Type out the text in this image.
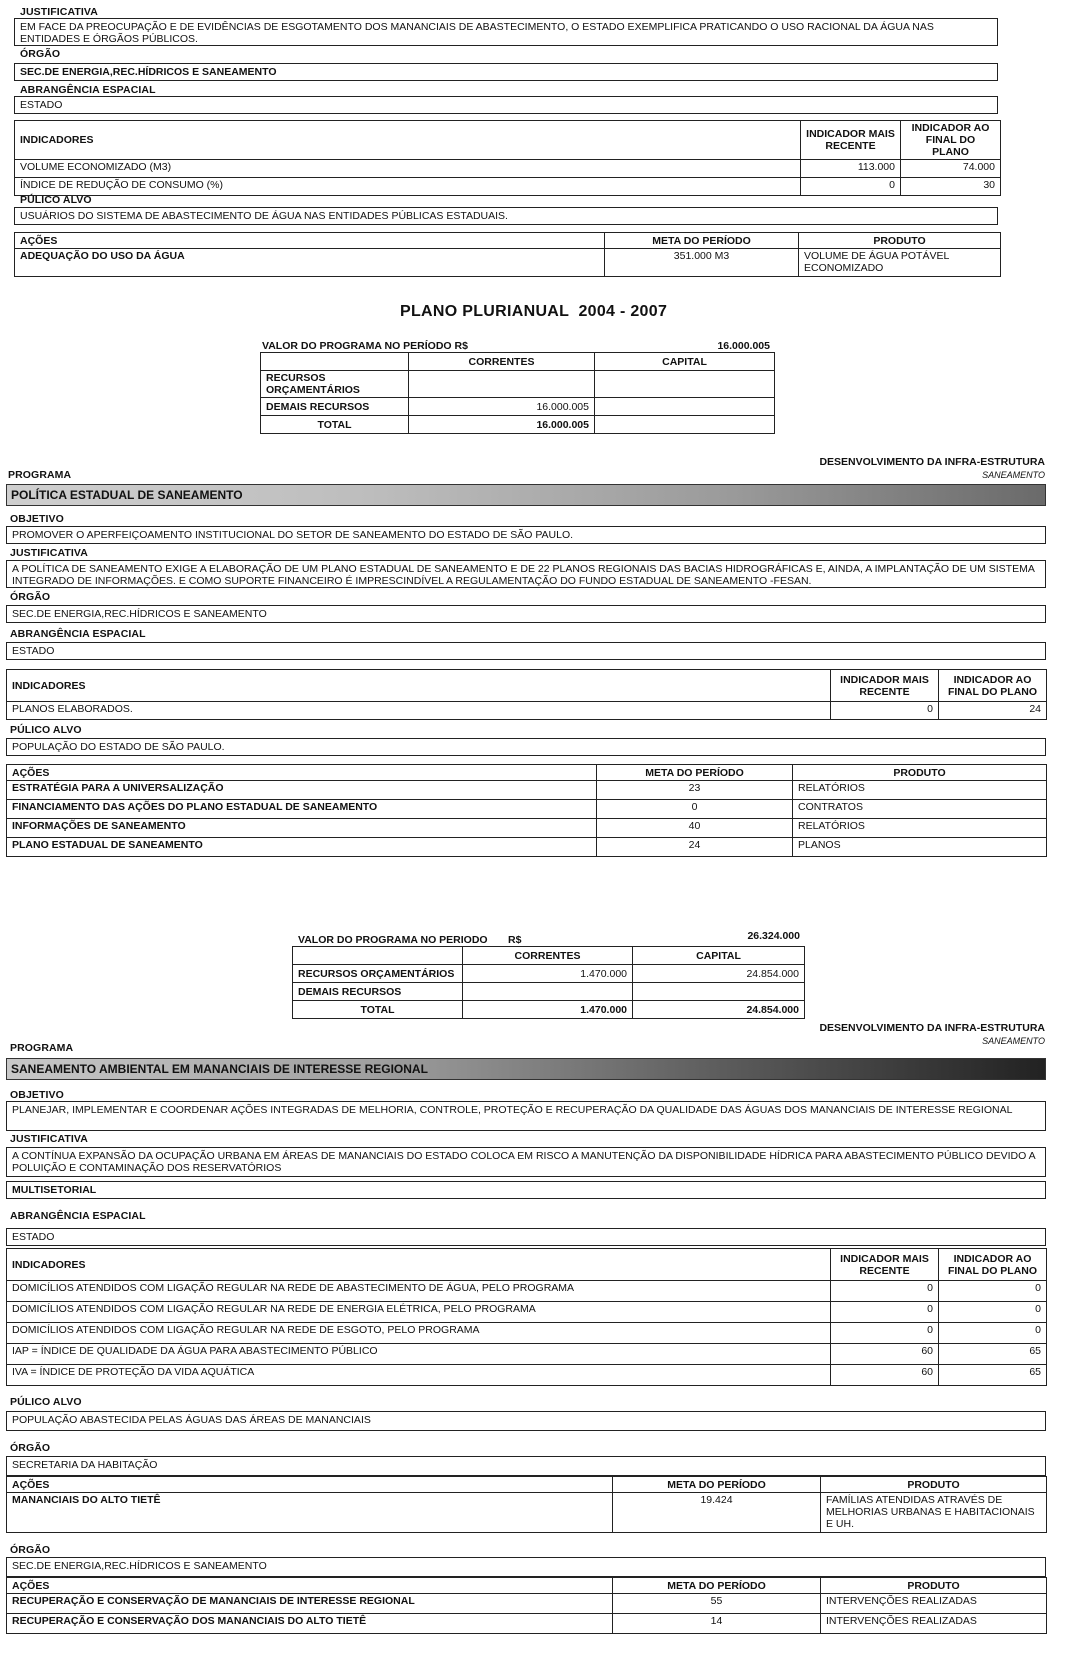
JUSTIFICATIVA
EM FACE DA PREOCUPAÇÃO E DE EVIDÊNCIAS DE ESGOTAMENTO DOS MANANCIAIS DE ABASTECIMENTO, O ESTADO EXEMPLIFICA PRATICANDO O USO RACIONAL DA ÁGUA NAS ENTIDADES E ÓRGÃOS PÚBLICOS.
ÓRGÃO
SEC.DE ENERGIA,REC.HÍDRICOS E SANEAMENTO
ABRANGÊNCIA ESPACIAL
ESTADO
INDICADORES	INDICADOR MAIS RECENTE	INDICADOR AO FINAL DO PLANO
VOLUME ECONOMIZADO (M3)	113.000	74.000
ÍNDICE DE REDUÇÃO DE CONSUMO (%)	0	30
PÚLICO ALVO
USUÁRIOS DO SISTEMA DE ABASTECIMENTO DE ÁGUA NAS ENTIDADES PÚBLICAS ESTADUAIS.
AÇÕES	META DO PERÍODO	PRODUTO
ADEQUAÇÃO DO USO DA ÁGUA	351.000 M3	VOLUME DE ÁGUA POTÁVEL ECONOMIZADO
PLANO PLURIANUAL  2004 - 2007
VALOR DO PROGRAMA NO PERÍODO R$	16.000.005
	CORRENTES	CAPITAL
RECURSOS ORÇAMENTÁRIOS		
DEMAIS RECURSOS	16.000.005	
TOTAL	16.000.005	
DESENVOLVIMENTO DA INFRA-ESTRUTURA
SANEAMENTO
PROGRAMA
POLÍTICA ESTADUAL DE SANEAMENTO
OBJETIVO
PROMOVER O APERFEIÇOAMENTO INSTITUCIONAL DO SETOR DE SANEAMENTO DO ESTADO DE SÃO PAULO.
JUSTIFICATIVA
A POLÍTICA DE SANEAMENTO EXIGE A ELABORAÇÃO DE UM PLANO ESTADUAL DE SANEAMENTO E DE 22 PLANOS REGIONAIS DAS BACIAS HIDROGRÁFICAS E, AINDA, A IMPLANTAÇÃO DE UM SISTEMA INTEGRADO DE INFORMAÇÕES. E COMO SUPORTE FINANCEIRO É IMPRESCINDÍVEL A REGULAMENTAÇÃO DO FUNDO ESTADUAL DE SANEAMENTO -FESAN.
ÓRGÃO
SEC.DE ENERGIA,REC.HÍDRICOS E SANEAMENTO
ABRANGÊNCIA ESPACIAL
ESTADO
INDICADORES	INDICADOR MAIS RECENTE	INDICADOR AO FINAL DO PLANO
PLANOS ELABORADOS.	0	24
PÚLICO ALVO
POPULAÇÃO DO ESTADO DE SÃO PAULO.
AÇÕES	META DO PERÍODO	PRODUTO
ESTRATÉGIA PARA A UNIVERSALIZAÇÃO	23	RELATÓRIOS
FINANCIAMENTO DAS AÇÕES DO PLANO ESTADUAL DE SANEAMENTO	0	CONTRATOS
INFORMAÇÕES DE SANEAMENTO	40	RELATÓRIOS
PLANO ESTADUAL DE SANEAMENTO	24	PLANOS
VALOR DO PROGRAMA NO PERIODO R$	26.324.000
	CORRENTES	CAPITAL
RECURSOS ORÇAMENTÁRIOS	1.470.000	24.854.000
DEMAIS RECURSOS		
TOTAL	1.470.000	24.854.000
DESENVOLVIMENTO DA INFRA-ESTRUTURA
SANEAMENTO
PROGRAMA
SANEAMENTO AMBIENTAL EM MANANCIAIS DE INTERESSE REGIONAL
OBJETIVO
PLANEJAR, IMPLEMENTAR E COORDENAR AÇÕES INTEGRADAS DE MELHORIA, CONTROLE, PROTEÇÃO E RECUPERAÇÃO DA QUALIDADE DAS ÁGUAS DOS MANANCIAIS DE INTERESSE REGIONAL
JUSTIFICATIVA
A CONTÍNUA EXPANSÃO DA OCUPAÇÃO URBANA EM ÁREAS DE MANANCIAIS DO ESTADO COLOCA EM RISCO A MANUTENÇÃO DA DISPONIBILIDADE HÍDRICA PARA ABASTECIMENTO PÚBLICO DEVIDO A POLUIÇÃO E CONTAMINAÇÃO DOS RESERVATÓRIOS
MULTISETORIAL
ABRANGÊNCIA ESPACIAL
ESTADO
INDICADORES	INDICADOR MAIS RECENTE	INDICADOR AO FINAL DO PLANO
DOMICÍLIOS ATENDIDOS COM LIGAÇÃO REGULAR NA REDE DE ABASTECIMENTO DE ÁGUA, PELO PROGRAMA	0	0
DOMICÍLIOS ATENDIDOS COM LIGAÇÃO REGULAR NA REDE DE ENERGIA ELÉTRICA, PELO PROGRAMA	0	0
DOMICÍLIOS ATENDIDOS COM LIGAÇÃO REGULAR NA REDE DE ESGOTO, PELO PROGRAMA	0	0
IAP = ÍNDICE DE QUALIDADE DA ÁGUA PARA ABASTECIMENTO PÚBLICO	60	65
IVA = ÍNDICE DE PROTEÇÃO DA VIDA AQUÁTICA	60	65
PÚLICO ALVO
POPULAÇÃO ABASTECIDA PELAS ÁGUAS DAS ÁREAS DE MANANCIAIS
ÓRGÃO
SECRETARIA DA HABITAÇÃO
AÇÕES	META DO PERÍODO	PRODUTO
MANANCIAIS DO ALTO TIETÊ	19.424	FAMÍLIAS ATENDIDAS ATRAVÉS DE MELHORIAS URBANAS E HABITACIONAIS E UH.
ÓRGÃO
SEC.DE ENERGIA,REC.HÍDRICOS E SANEAMENTO
AÇÕES	META DO PERÍODO	PRODUTO
RECUPERAÇÃO E CONSERVAÇÃO DE MANANCIAIS DE INTERESSE REGIONAL	55	INTERVENÇÕES REALIZADAS
RECUPERAÇÃO E CONSERVAÇÃO DOS MANANCIAIS DO ALTO TIETÊ	14	INTERVENÇÕES REALIZADAS
